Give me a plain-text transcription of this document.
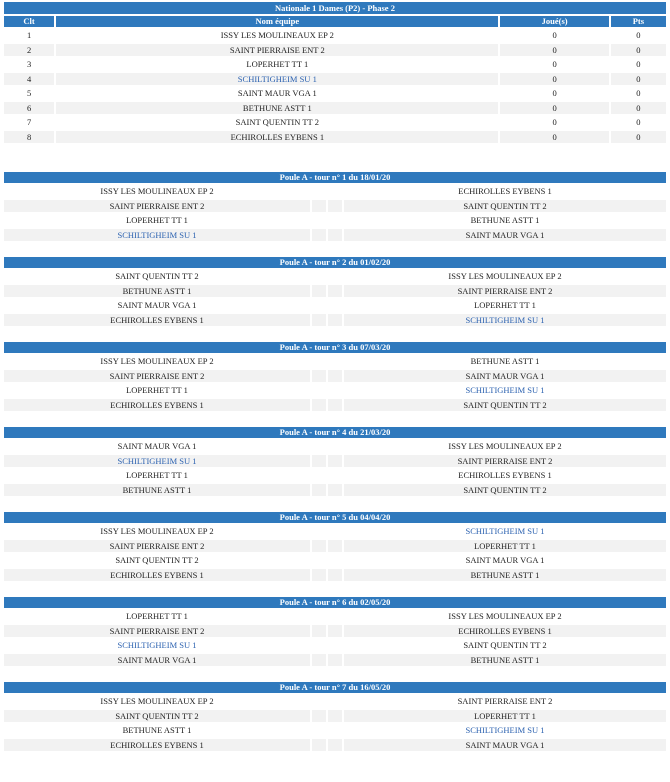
Nationale 1 Dames (P2) - Phase 2			
Clt	Nom équipe	Joué(s)	Pts
1	ISSY LES MOULINEAUX EP 2	0	0
2	SAINT PIERRAISE ENT 2	0	0
3	LOPERHET TT 1	0	0
4	SCHILTIGHEIM SU 1	0	0
5	SAINT MAUR VGA 1	0	0
6	BETHUNE ASTT 1	0	0
7	SAINT QUENTIN TT 2	0	0
8	ECHIROLLES EYBENS 1	0	0
Poule A - tour n° 1 du 18/01/20			
ISSY LES MOULINEAUX EP 2			ECHIROLLES EYBENS 1
SAINT PIERRAISE ENT 2			SAINT QUENTIN TT 2
LOPERHET TT 1			BETHUNE ASTT 1
SCHILTIGHEIM SU 1			SAINT MAUR VGA 1
Poule A - tour n° 2 du 01/02/20			
SAINT QUENTIN TT 2			ISSY LES MOULINEAUX EP 2
BETHUNE ASTT 1			SAINT PIERRAISE ENT 2
SAINT MAUR VGA 1			LOPERHET TT 1
ECHIROLLES EYBENS 1			SCHILTIGHEIM SU 1
Poule A - tour n° 3 du 07/03/20			
ISSY LES MOULINEAUX EP 2			BETHUNE ASTT 1
SAINT PIERRAISE ENT 2			SAINT MAUR VGA 1
LOPERHET TT 1			SCHILTIGHEIM SU 1
ECHIROLLES EYBENS 1			SAINT QUENTIN TT 2
Poule A - tour n° 4 du 21/03/20			
SAINT MAUR VGA 1			ISSY LES MOULINEAUX EP 2
SCHILTIGHEIM SU 1			SAINT PIERRAISE ENT 2
LOPERHET TT 1			ECHIROLLES EYBENS 1
BETHUNE ASTT 1			SAINT QUENTIN TT 2
Poule A - tour n° 5 du 04/04/20			
ISSY LES MOULINEAUX EP 2			SCHILTIGHEIM SU 1
SAINT PIERRAISE ENT 2			LOPERHET TT 1
SAINT QUENTIN TT 2			SAINT MAUR VGA 1
ECHIROLLES EYBENS 1			BETHUNE ASTT 1
Poule A - tour n° 6 du 02/05/20			
LOPERHET TT 1			ISSY LES MOULINEAUX EP 2
SAINT PIERRAISE ENT 2			ECHIROLLES EYBENS 1
SCHILTIGHEIM SU 1			SAINT QUENTIN TT 2
SAINT MAUR VGA 1			BETHUNE ASTT 1
Poule A - tour n° 7 du 16/05/20			
ISSY LES MOULINEAUX EP 2			SAINT PIERRAISE ENT 2
SAINT QUENTIN TT 2			LOPERHET TT 1
BETHUNE ASTT 1			SCHILTIGHEIM SU 1
ECHIROLLES EYBENS 1			SAINT MAUR VGA 1
